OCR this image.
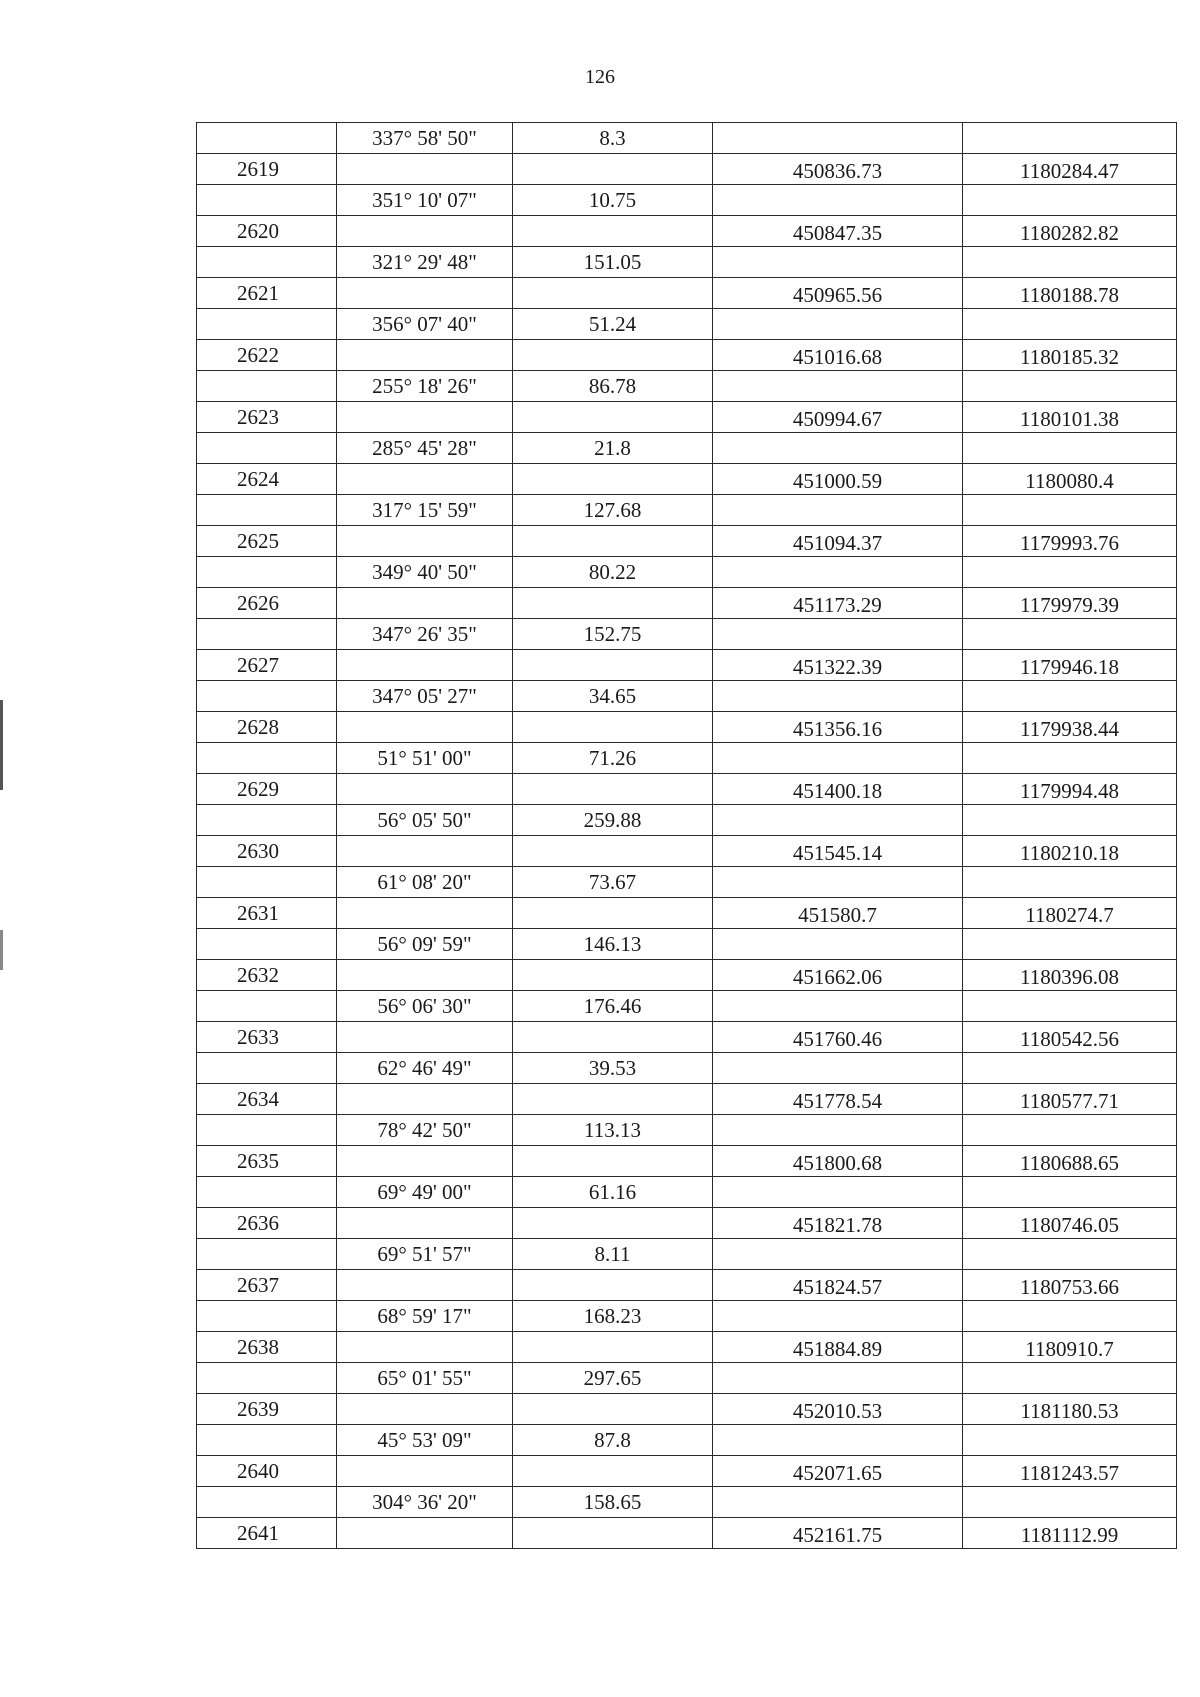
126
	337° 58' 50"	8.3		
2619			450836.73	1180284.47
	351° 10' 07"	10.75		
2620			450847.35	1180282.82
	321° 29' 48"	151.05		
2621			450965.56	1180188.78
	356° 07' 40"	51.24		
2622			451016.68	1180185.32
	255° 18' 26"	86.78		
2623			450994.67	1180101.38
	285° 45' 28"	21.8		
2624			451000.59	1180080.4
	317° 15' 59"	127.68		
2625			451094.37	1179993.76
	349° 40' 50"	80.22		
2626			451173.29	1179979.39
	347° 26' 35"	152.75		
2627			451322.39	1179946.18
	347° 05' 27"	34.65		
2628			451356.16	1179938.44
	51° 51' 00"	71.26		
2629			451400.18	1179994.48
	56° 05' 50"	259.88		
2630			451545.14	1180210.18
	61° 08' 20"	73.67		
2631			451580.7	1180274.7
	56° 09' 59"	146.13		
2632			451662.06	1180396.08
	56° 06' 30"	176.46		
2633			451760.46	1180542.56
	62° 46' 49"	39.53		
2634			451778.54	1180577.71
	78° 42' 50"	113.13		
2635			451800.68	1180688.65
	69° 49' 00"	61.16		
2636			451821.78	1180746.05
	69° 51' 57"	8.11		
2637			451824.57	1180753.66
	68° 59' 17"	168.23		
2638			451884.89	1180910.7
	65° 01' 55"	297.65		
2639			452010.53	1181180.53
	45° 53' 09"	87.8		
2640			452071.65	1181243.57
	304° 36' 20"	158.65		
2641			452161.75	1181112.99
